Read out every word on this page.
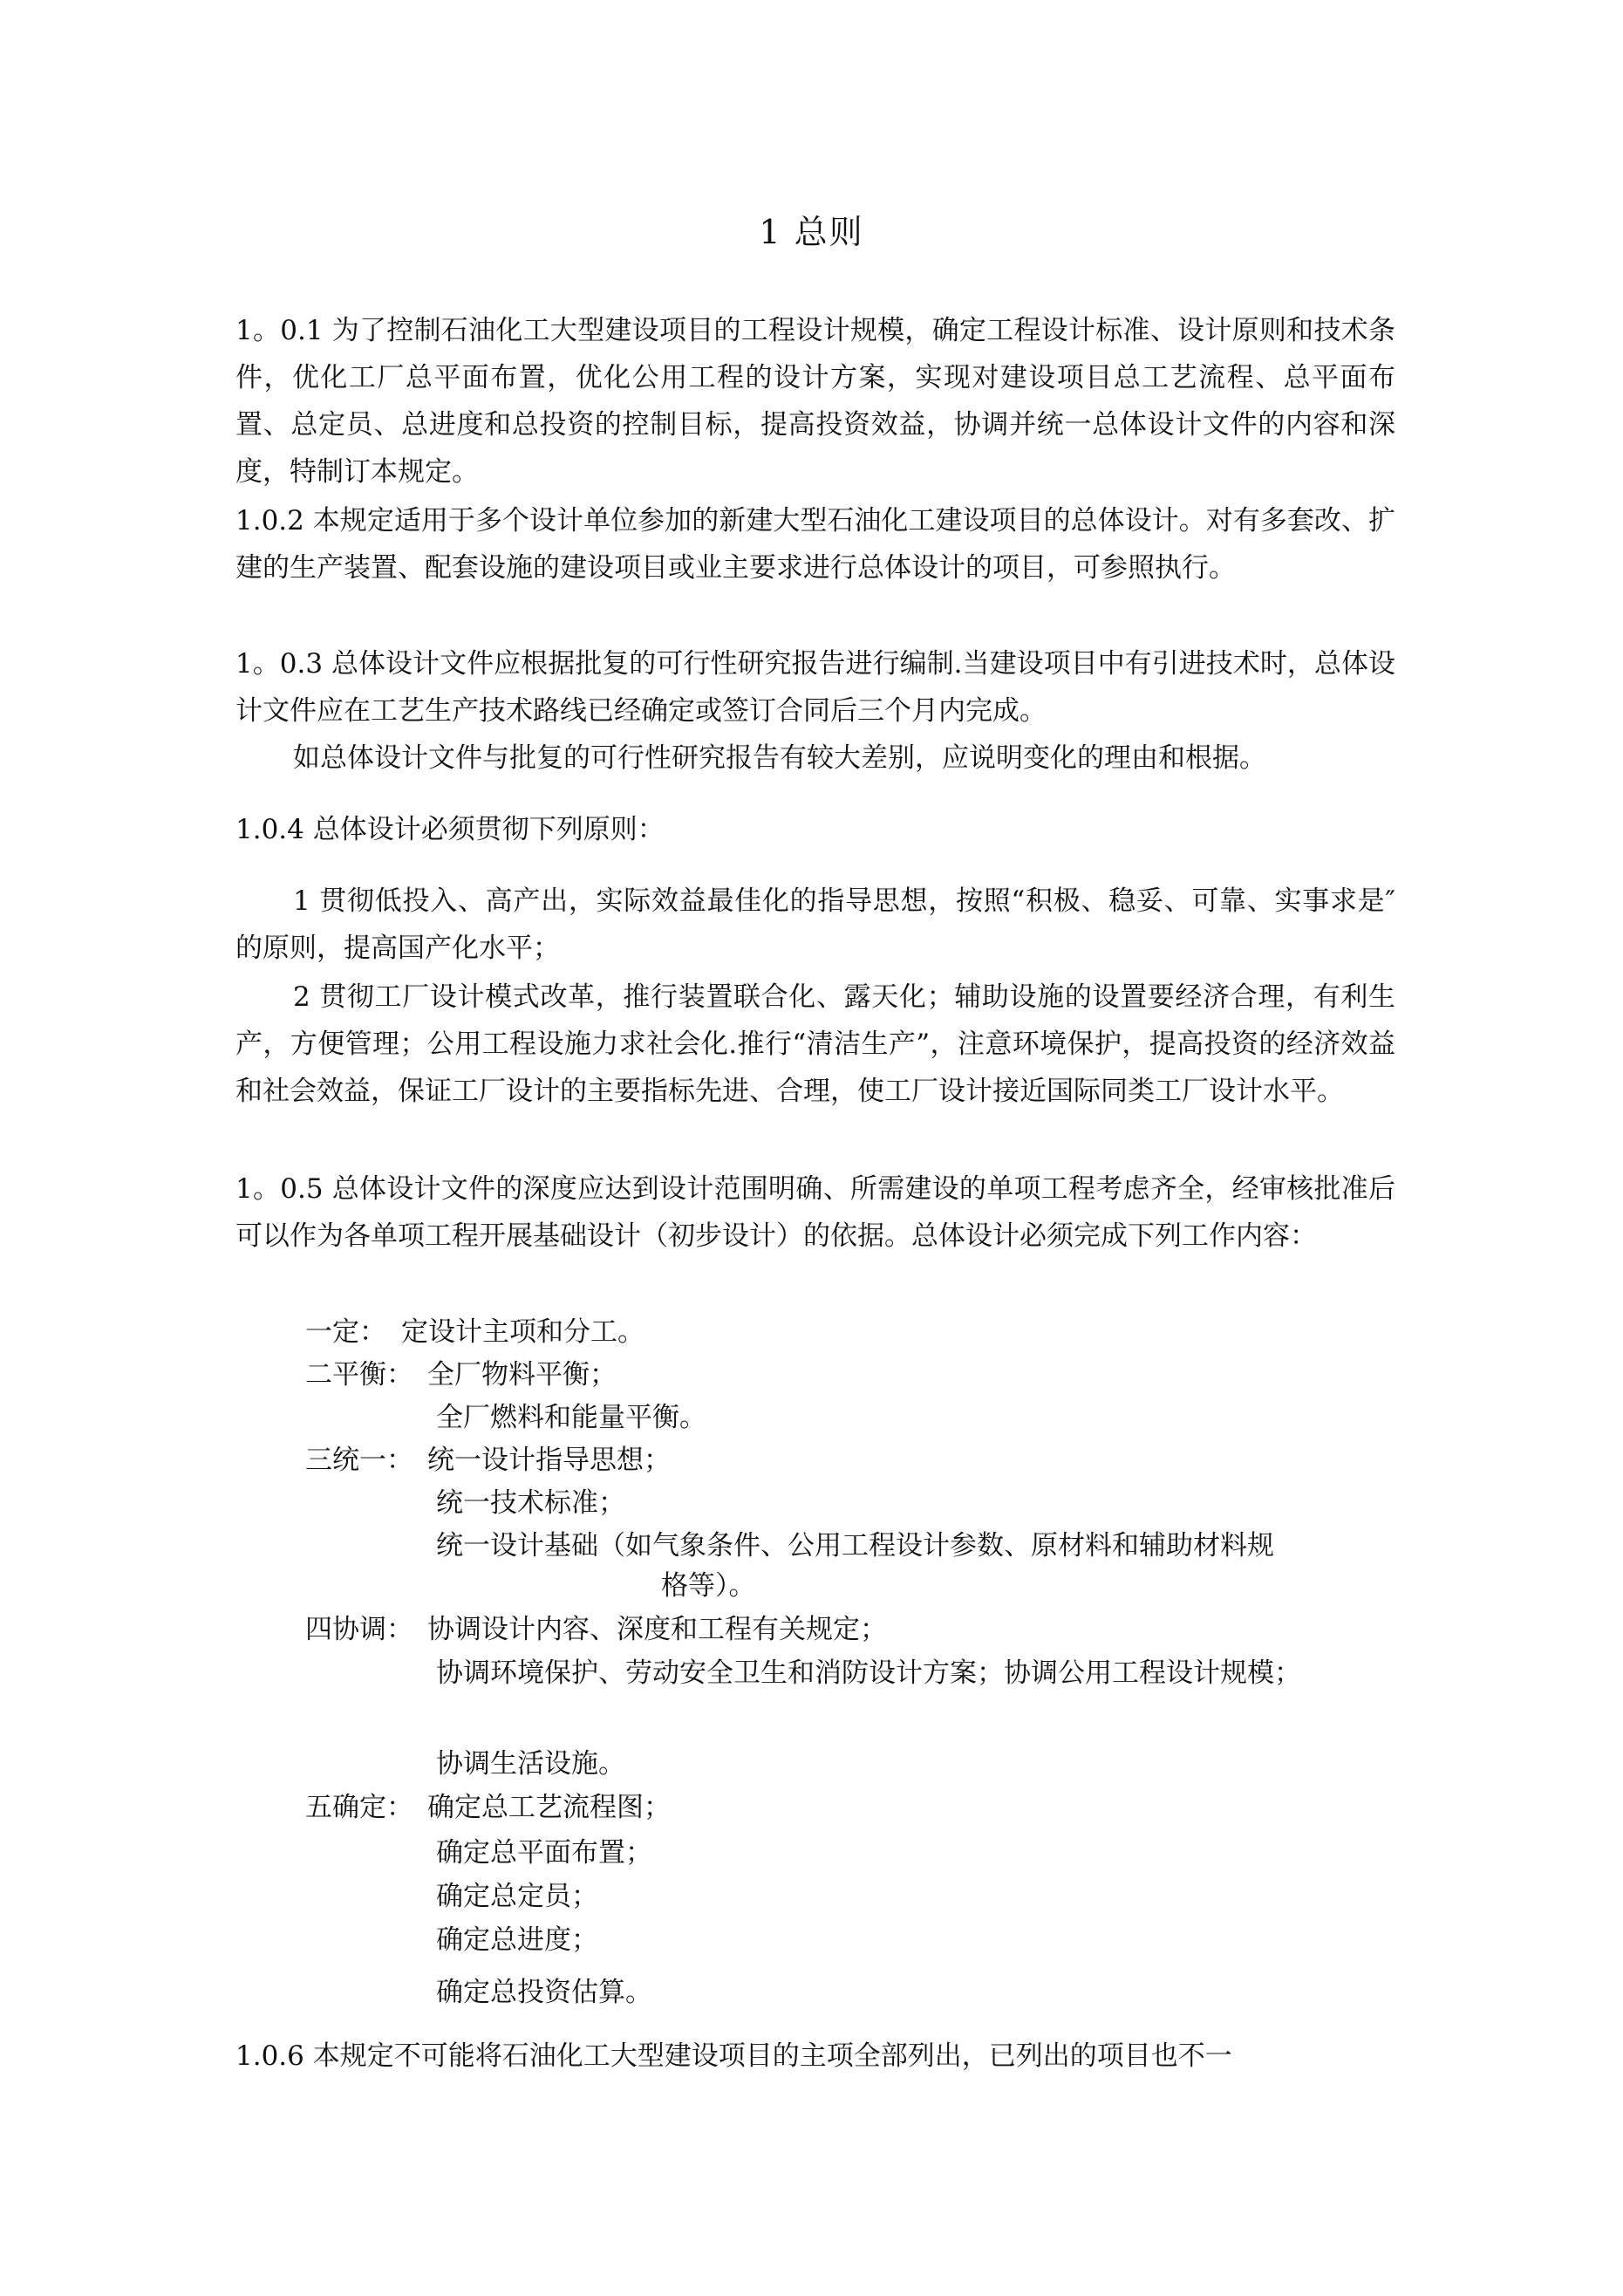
1 总则
1。0.1 为了控制石油化工大型建设项目的工程设计规模，确定工程设计标准、设计原则和技术条件，优化工厂总平面布置，优化公用工程的设计方案，实现对建设项目总工艺流程、总平面布置、总定员、总进度和总投资的控制目标，提高投资效益，协调并统一总体设计文件的内容和深度，特制订本规定。
1.0.2 本规定适用于多个设计单位参加的新建大型石油化工建设项目的总体设计。对有多套改、扩建的生产装置、配套设施的建设项目或业主要求进行总体设计的项目，可参照执行。
1。0.3 总体设计文件应根据批复的可行性研究报告进行编制.当建设项目中有引进技术时，总体设计文件应在工艺生产技术路线已经确定或签订合同后三个月内完成。
如总体设计文件与批复的可行性研究报告有较大差别，应说明变化的理由和根据。
1.0.4 总体设计必须贯彻下列原则：
1 贯彻低投入、高产出，实际效益最佳化的指导思想，按照“积极、稳妥、可靠、实事求是″的原则，提高国产化水平；
2 贯彻工厂设计模式改革，推行装置联合化、露天化；辅助设施的设置要经济合理，有利生产，方便管理；公用工程设施力求社会化.推行“清洁生产”，注意环境保护，提高投资的经济效益和社会效益，保证工厂设计的主要指标先进、合理，使工厂设计接近国际同类工厂设计水平。
1。0.5 总体设计文件的深度应达到设计范围明确、所需建设的单项工程考虑齐全，经审核批准后可以作为各单项工程开展基础设计（初步设计）的依据。总体设计必须完成下列工作内容：
一定： 定设计主项和分工。
二平衡： 全厂物料平衡；
全厂燃料和能量平衡。
三统一： 统一设计指导思想；
统一技术标准；
统一设计基础（如气象条件、公用工程设计参数、原材料和辅助材料规
格等）。
四协调： 协调设计内容、深度和工程有关规定；
协调环境保护、劳动安全卫生和消防设计方案；协调公用工程设计规模；
协调生活设施。
五确定： 确定总工艺流程图；
确定总平面布置；
确定总定员；
确定总进度；
确定总投资估算。
1.0.6 本规定不可能将石油化工大型建设项目的主项全部列出，已列出的项目也不一
